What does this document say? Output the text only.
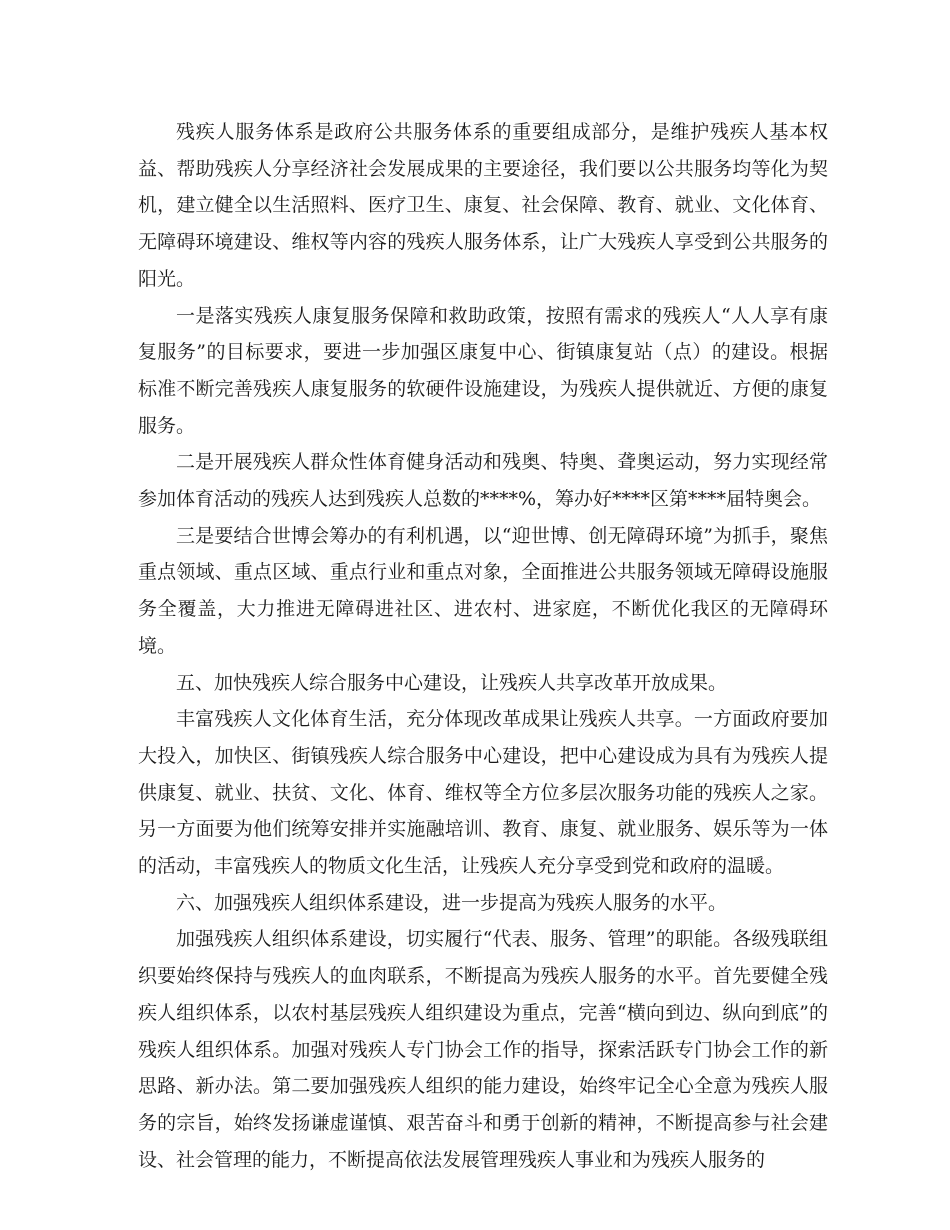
残疾人服务体系是政府公共服务体系的重要组成部分，是维护残疾人基本权益、帮助残疾人分享经济社会发展成果的主要途径，我们要以公共服务均等化为契机，建立健全以生活照料、医疗卫生、康复、社会保障、教育、就业、文化体育、无障碍环境建设、维权等内容的残疾人服务体系，让广大残疾人享受到公共服务的阳光。

一是落实残疾人康复服务保障和救助政策，按照有需求的残疾人“人人享有康复服务”的目标要求，要进一步加强区康复中心、街镇康复站（点）的建设。根据标准不断完善残疾人康复服务的软硬件设施建设，为残疾人提供就近、方便的康复服务。

二是开展残疾人群众性体育健身活动和残奥、特奥、聋奥运动，努力实现经常参加体育活动的残疾人达到残疾人总数的****%，筹办好****区第****届特奥会。

三是要结合世博会筹办的有利机遇，以“迎世博、创无障碍环境”为抓手，聚焦重点领域、重点区域、重点行业和重点对象，全面推进公共服务领域无障碍设施服务全覆盖，大力推进无障碍进社区、进农村、进家庭，不断优化我区的无障碍环境。

五、加快残疾人综合服务中心建设，让残疾人共享改革开放成果。

丰富残疾人文化体育生活，充分体现改革成果让残疾人共享。一方面政府要加大投入，加快区、街镇残疾人综合服务中心建设，把中心建设成为具有为残疾人提供康复、就业、扶贫、文化、体育、维权等全方位多层次服务功能的残疾人之家。另一方面要为他们统筹安排并实施融培训、教育、康复、就业服务、娱乐等为一体的活动，丰富残疾人的物质文化生活，让残疾人充分享受到党和政府的温暖。

六、加强残疾人组织体系建设，进一步提高为残疾人服务的水平。

加强残疾人组织体系建设，切实履行“代表、服务、管理”的职能。各级残联组织要始终保持与残疾人的血肉联系，不断提高为残疾人服务的水平。首先要健全残疾人组织体系，以农村基层残疾人组织建设为重点，完善“横向到边、纵向到底”的残疾人组织体系。加强对残疾人专门协会工作的指导，探索活跃专门协会工作的新思路、新办法。第二要加强残疾人组织的能力建设，始终牢记全心全意为残疾人服务的宗旨，始终发扬谦虚谨慎、艰苦奋斗和勇于创新的精神，不断提高参与社会建设、社会管理的能力，不断提高依法发展管理残疾人事业和为残疾人服务的
